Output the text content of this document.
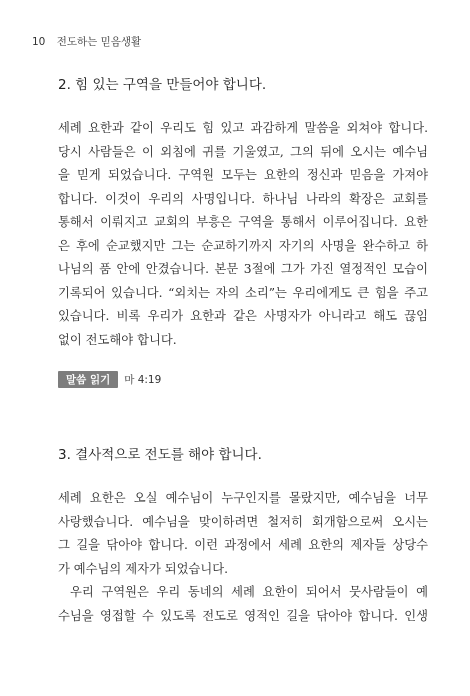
10 전도하는 믿음생활
2. 힘 있는 구역을 만들어야 합니다.
세례 요한과 같이 우리도 힘 있고 과감하게 말씀을 외쳐야 합니다.
당시 사람들은 이 외침에 귀를 기울였고, 그의 뒤에 오시는 예수님
을 믿게 되었습니다. 구역원 모두는 요한의 정신과 믿음을 가져야
합니다. 이것이 우리의 사명입니다. 하나님 나라의 확장은 교회를
통해서 이뤄지고 교회의 부흥은 구역을 통해서 이루어집니다. 요한
은 후에 순교했지만 그는 순교하기까지 자기의 사명을 완수하고 하
나님의 품 안에 안겼습니다. 본문 3절에 그가 가진 열정적인 모습이
기록되어 있습니다. “외치는 자의 소리”는 우리에게도 큰 힘을 주고
있습니다. 비록 우리가 요한과 같은 사명자가 아니라고 해도 끊임
없이 전도해야 합니다.
말씀 읽기	마 4:19
3. 결사적으로 전도를 해야 합니다.
세례 요한은 오실 예수님이 누구인지를 몰랐지만, 예수님을 너무
사랑했습니다. 예수님을 맞이하려면 철저히 회개함으로써 오시는
그 길을 닦아야 합니다. 이런 과정에서 세례 요한의 제자들 상당수
가 예수님의 제자가 되었습니다.
우리 구역원은 우리 동네의 세례 요한이 되어서 뭇사람들이 예
수님을 영접할 수 있도록 전도로 영적인 길을 닦아야 합니다. 인생
